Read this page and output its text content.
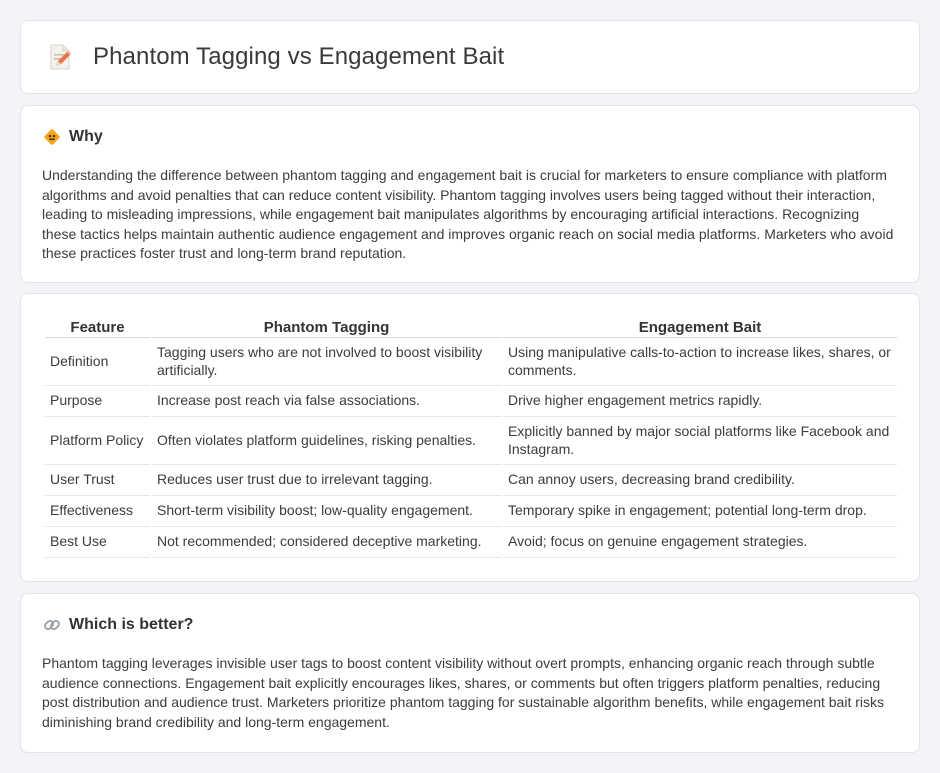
Phantom Tagging vs Engagement Bait
Why

Understanding the difference between phantom tagging and engagement bait is crucial for marketers to ensure compliance with platform algorithms and avoid penalties that can reduce content visibility. Phantom tagging involves users being tagged without their interaction, leading to misleading impressions, while engagement bait manipulates algorithms by encouraging artificial interactions. Recognizing these tactics helps maintain authentic audience engagement and improves organic reach on social media platforms. Marketers who avoid these practices foster trust and long-term brand reputation.

Feature	Phantom Tagging	Engagement Bait
Definition	Tagging users who are not involved to boost visibility artificially.	Using manipulative calls-to-action to increase likes, shares, or comments.
Purpose	Increase post reach via false associations.	Drive higher engagement metrics rapidly.
Platform Policy	Often violates platform guidelines, risking penalties.	Explicitly banned by major social platforms like Facebook and Instagram.
User Trust	Reduces user trust due to irrelevant tagging.	Can annoy users, decreasing brand credibility.
Effectiveness	Short-term visibility boost; low-quality engagement.	Temporary spike in engagement; potential long-term drop.
Best Use	Not recommended; considered deceptive marketing.	Avoid; focus on genuine engagement strategies.
Which is better?

Phantom tagging leverages invisible user tags to boost content visibility without overt prompts, enhancing organic reach through subtle audience connections. Engagement bait explicitly encourages likes, shares, or comments but often triggers platform penalties, reducing post distribution and audience trust. Marketers prioritize phantom tagging for sustainable algorithm benefits, while engagement bait risks diminishing brand credibility and long-term engagement.
